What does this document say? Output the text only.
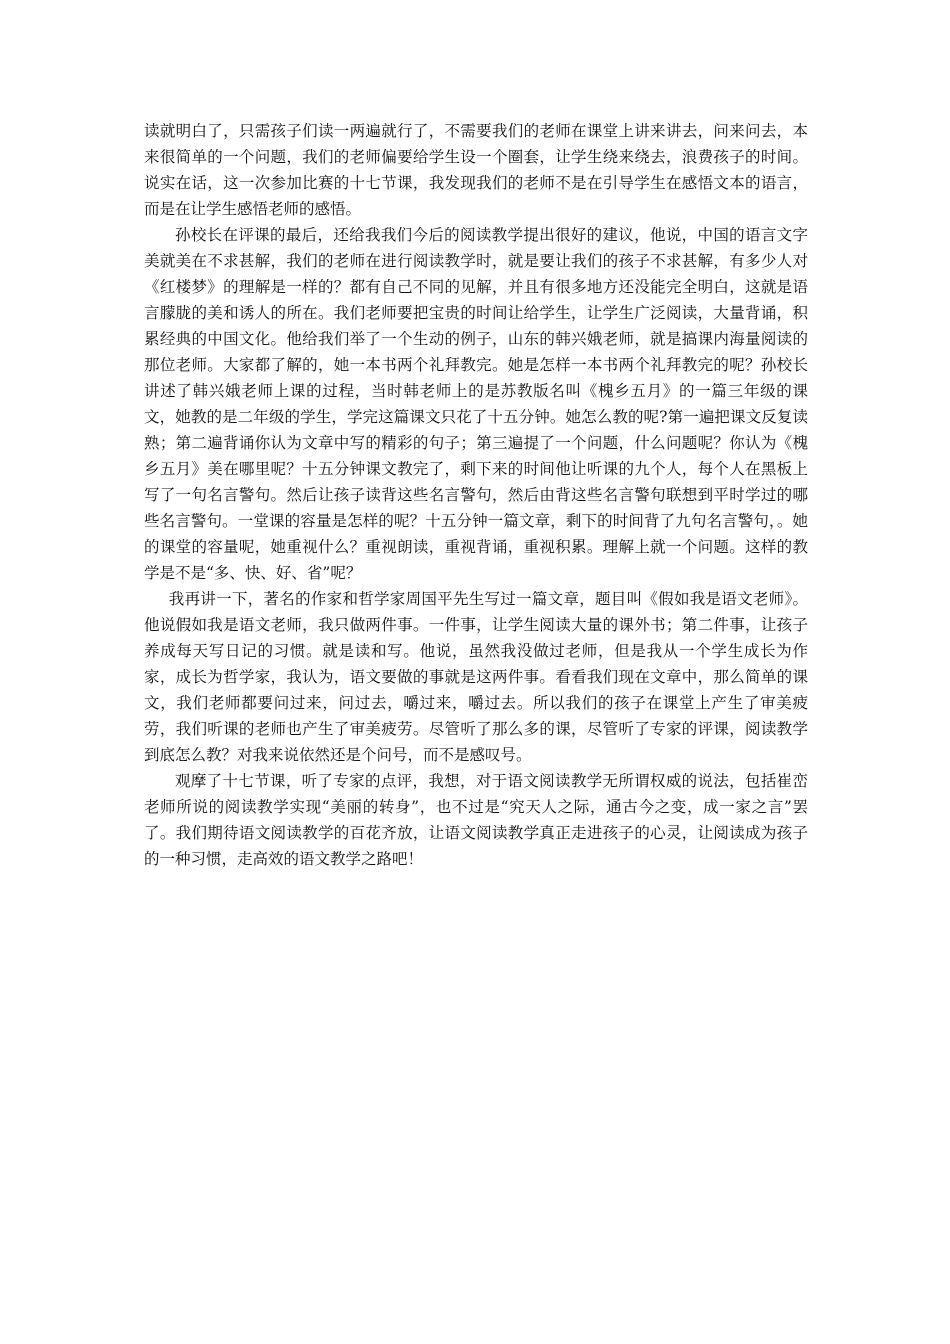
读就明白了，只需孩子们读一两遍就行了，不需要我们的老师在课堂上讲来讲去，问来问去，本来很简单的一个问题，我们的老师偏要给学生设一个圈套，让学生绕来绕去，浪费孩子的时间。说实在话，这一次参加比赛的十七节课，我发现我们的老师不是在引导学生在感悟文本的语言，而是在让学生感悟老师的感悟。

孙校长在评课的最后，还给我我们今后的阅读教学提出很好的建议，他说，中国的语言文字美就美在不求甚解，我们的老师在进行阅读教学时，就是要让我们的孩子不求甚解，有多少人对《红楼梦》的理解是一样的？都有自己不同的见解，并且有很多地方还没能完全明白，这就是语言朦胧的美和诱人的所在。我们老师要把宝贵的时间让给学生，让学生广泛阅读，大量背诵，积累经典的中国文化。他给我们举了一个生动的例子，山东的韩兴娥老师，就是搞课内海量阅读的那位老师。大家都了解的，她一本书两个礼拜教完。她是怎样一本书两个礼拜教完的呢？孙校长讲述了韩兴娥老师上课的过程，当时韩老师上的是苏教版名叫《槐乡五月》的一篇三年级的课文，她教的是二年级的学生，学完这篇课文只花了十五分钟。她怎么教的呢?第一遍把课文反复读熟；第二遍背诵你认为文章中写的精彩的句子；第三遍提了一个问题，什么问题呢？你认为《槐乡五月》美在哪里呢？十五分钟课文教完了，剩下来的时间他让听课的九个人，每个人在黑板上写了一句名言警句。然后让孩子读背这些名言警句，然后由背这些名言警句联想到平时学过的哪些名言警句。一堂课的容量是怎样的呢？十五分钟一篇文章，剩下的时间背了九句名言警句，。她的课堂的容量呢，她重视什么？重视朗读，重视背诵，重视积累。理解上就一个问题。这样的教学是不是“多、快、好、省”呢？

我再讲一下，著名的作家和哲学家周国平先生写过一篇文章，题目叫《假如我是语文老师》。他说假如我是语文老师，我只做两件事。一件事，让学生阅读大量的课外书；第二件事，让孩子养成每天写日记的习惯。就是读和写。他说，虽然我没做过老师，但是我从一个学生成长为作家，成长为哲学家，我认为，语文要做的事就是这两件事。看看我们现在文章中，那么简单的课文，我们老师都要问过来，问过去，嚼过来，嚼过去。所以我们的孩子在课堂上产生了审美疲劳，我们听课的老师也产生了审美疲劳。尽管听了那么多的课，尽管听了专家的评课，阅读教学到底怎么教？对我来说依然还是个问号，而不是感叹号。

观摩了十七节课，听了专家的点评，我想，对于语文阅读教学无所谓权威的说法，包括崔峦老师所说的阅读教学实现“美丽的转身”，也不过是“究天人之际，通古今之变，成一家之言”罢了。我们期待语文阅读教学的百花齐放，让语文阅读教学真正走进孩子的心灵，让阅读成为孩子的一种习惯，走高效的语文教学之路吧！
